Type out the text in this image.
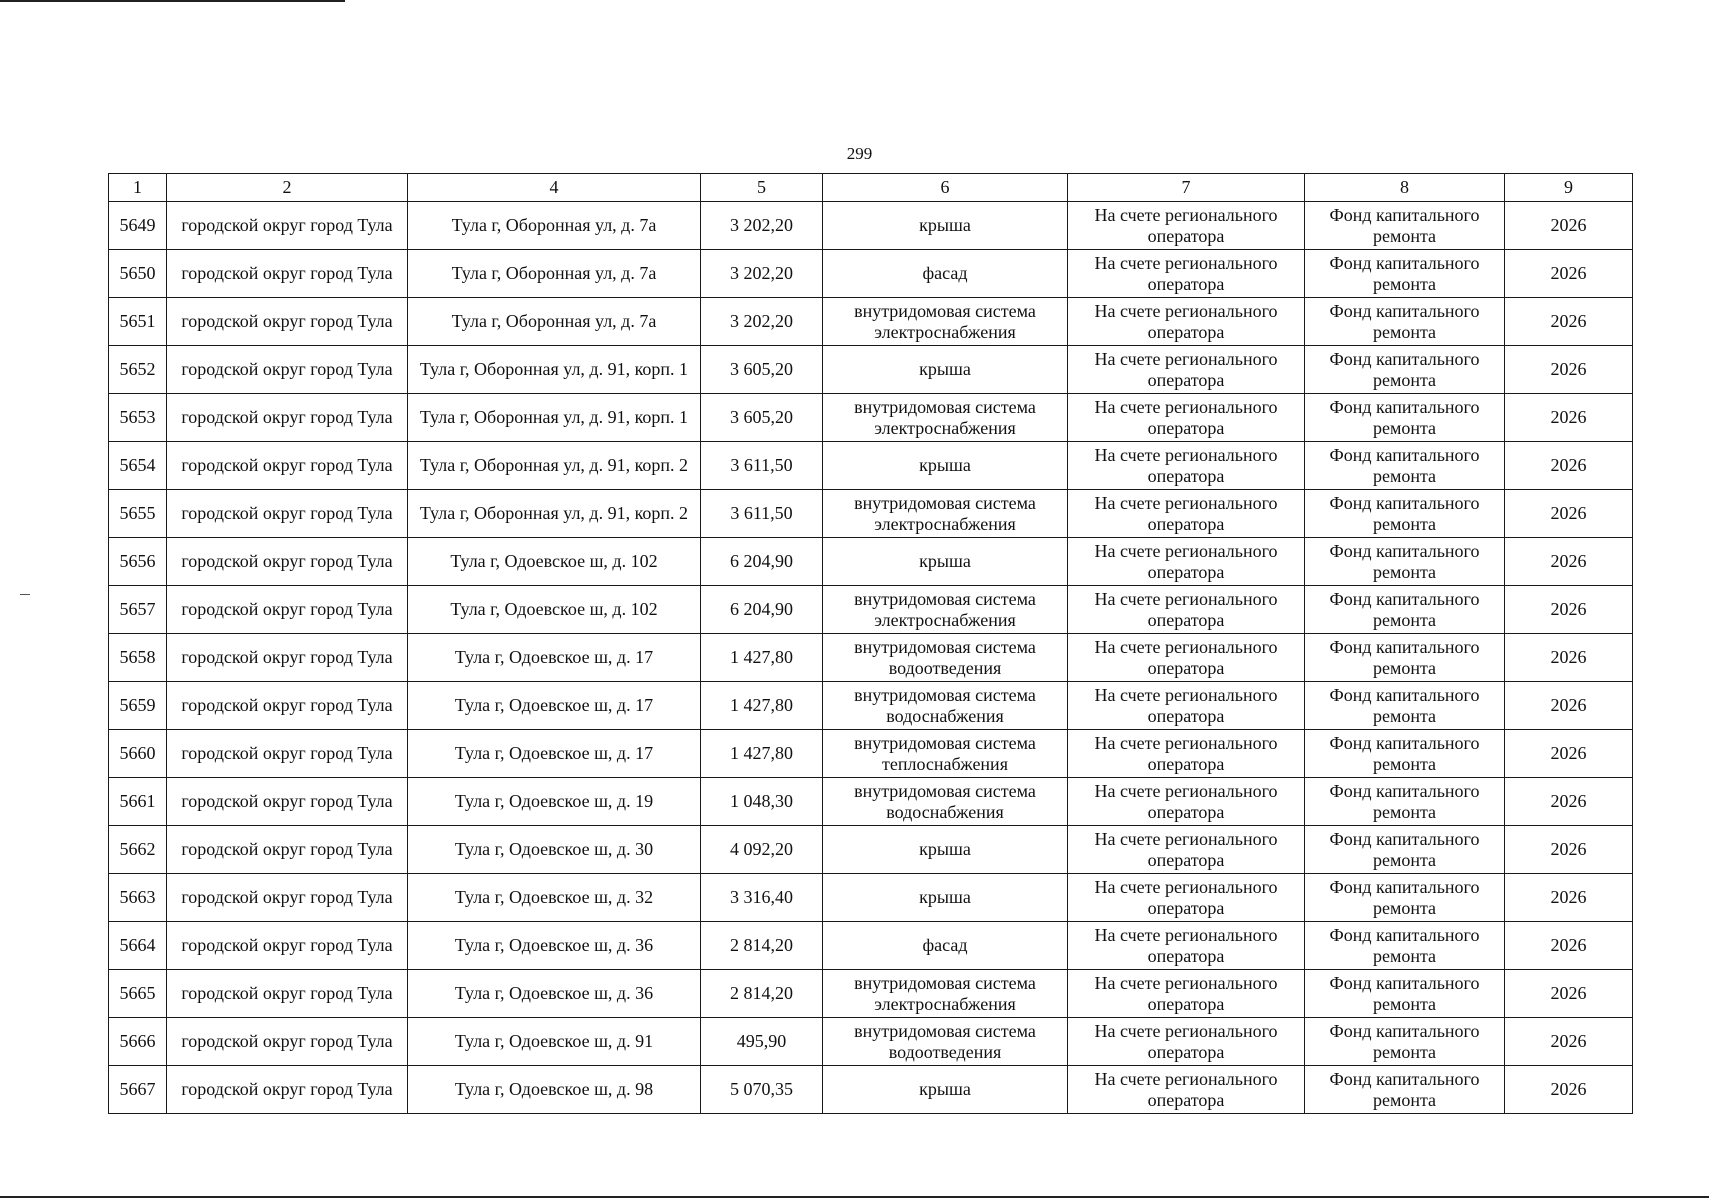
299
1	2	4	5	6	7	8	9
5649	городской округ город Тула	Тула г, Оборонная ул, д. 7а	3 202,20	крыша	На счете регионального оператора	Фонд капитального ремонта	2026
5650	городской округ город Тула	Тула г, Оборонная ул, д. 7а	3 202,20	фасад	На счете регионального оператора	Фонд капитального ремонта	2026
5651	городской округ город Тула	Тула г, Оборонная ул, д. 7а	3 202,20	внутридомовая система электроснабжения	На счете регионального оператора	Фонд капитального ремонта	2026
5652	городской округ город Тула	Тула г, Оборонная ул, д. 91, корп. 1	3 605,20	крыша	На счете регионального оператора	Фонд капитального ремонта	2026
5653	городской округ город Тула	Тула г, Оборонная ул, д. 91, корп. 1	3 605,20	внутридомовая система электроснабжения	На счете регионального оператора	Фонд капитального ремонта	2026
5654	городской округ город Тула	Тула г, Оборонная ул, д. 91, корп. 2	3 611,50	крыша	На счете регионального оператора	Фонд капитального ремонта	2026
5655	городской округ город Тула	Тула г, Оборонная ул, д. 91, корп. 2	3 611,50	внутридомовая система электроснабжения	На счете регионального оператора	Фонд капитального ремонта	2026
5656	городской округ город Тула	Тула г, Одоевское ш, д. 102	6 204,90	крыша	На счете регионального оператора	Фонд капитального ремонта	2026
5657	городской округ город Тула	Тула г, Одоевское ш, д. 102	6 204,90	внутридомовая система электроснабжения	На счете регионального оператора	Фонд капитального ремонта	2026
5658	городской округ город Тула	Тула г, Одоевское ш, д. 17	1 427,80	внутридомовая система водоотведения	На счете регионального оператора	Фонд капитального ремонта	2026
5659	городской округ город Тула	Тула г, Одоевское ш, д. 17	1 427,80	внутридомовая система водоснабжения	На счете регионального оператора	Фонд капитального ремонта	2026
5660	городской округ город Тула	Тула г, Одоевское ш, д. 17	1 427,80	внутридомовая система теплоснабжения	На счете регионального оператора	Фонд капитального ремонта	2026
5661	городской округ город Тула	Тула г, Одоевское ш, д. 19	1 048,30	внутридомовая система водоснабжения	На счете регионального оператора	Фонд капитального ремонта	2026
5662	городской округ город Тула	Тула г, Одоевское ш, д. 30	4 092,20	крыша	На счете регионального оператора	Фонд капитального ремонта	2026
5663	городской округ город Тула	Тула г, Одоевское ш, д. 32	3 316,40	крыша	На счете регионального оператора	Фонд капитального ремонта	2026
5664	городской округ город Тула	Тула г, Одоевское ш, д. 36	2 814,20	фасад	На счете регионального оператора	Фонд капитального ремонта	2026
5665	городской округ город Тула	Тула г, Одоевское ш, д. 36	2 814,20	внутридомовая система электроснабжения	На счете регионального оператора	Фонд капитального ремонта	2026
5666	городской округ город Тула	Тула г, Одоевское ш, д. 91	495,90	внутридомовая система водоотведения	На счете регионального оператора	Фонд капитального ремонта	2026
5667	городской округ город Тула	Тула г, Одоевское ш, д. 98	5 070,35	крыша	На счете регионального оператора	Фонд капитального ремонта	2026
